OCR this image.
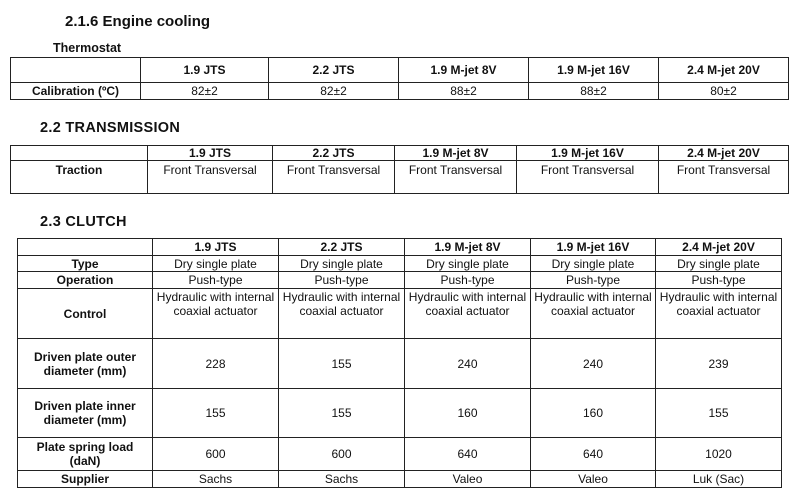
2.1.6 Engine cooling
Thermostat
	1.9 JTS	2.2 JTS	1.9 M-jet 8V	1.9 M-jet 16V	2.4 M-jet 20V
Calibration (ºC)	82±2	82±2	88±2	88±2	80±2
2.2 TRANSMISSION
	1.9 JTS	2.2 JTS	1.9 M-jet 8V	1.9 M-jet 16V	2.4 M-jet 20V
Traction	Front Transversal	Front Transversal	Front Transversal	Front Transversal	Front Transversal
2.3 CLUTCH
	1.9 JTS	2.2 JTS	1.9 M-jet 8V	1.9 M-jet 16V	2.4 M-jet 20V
Type	Dry single plate	Dry single plate	Dry single plate	Dry single plate	Dry single plate
Operation	Push-type	Push-type	Push-type	Push-type	Push-type
Control	Hydraulic with internal coaxial actuator	Hydraulic with internal coaxial actuator	Hydraulic with internal coaxial actuator	Hydraulic with internal coaxial actuator	Hydraulic with internal coaxial actuator
Driven plate outer diameter (mm)	228	155	240	240	239
Driven plate inner diameter (mm)	155	155	160	160	155
Plate spring load (daN)	600	600	640	640	1020
Supplier	Sachs	Sachs	Valeo	Valeo	Luk (Sac)
